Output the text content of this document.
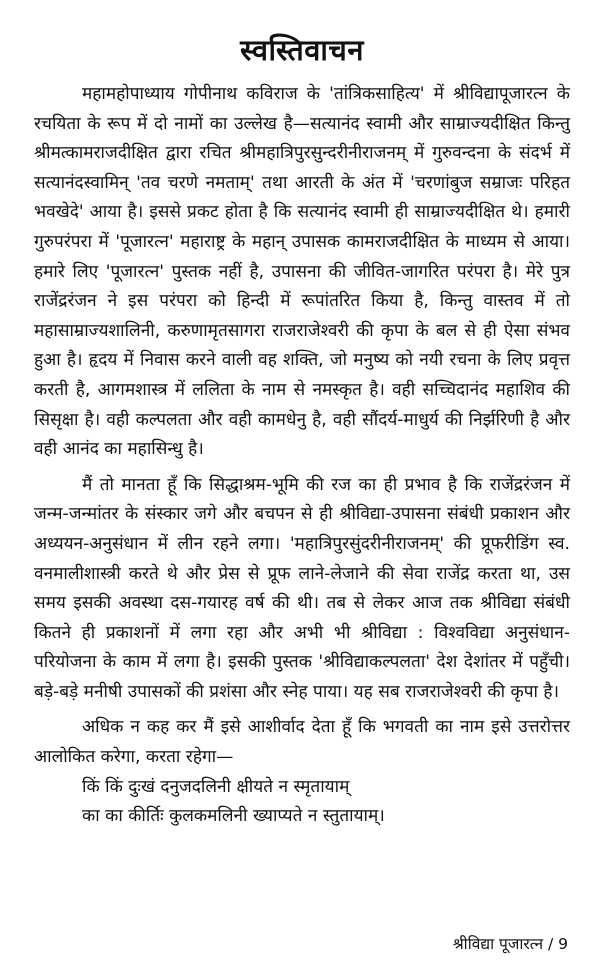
स्वस्तिवाचन

महामहोपाध्याय गोपीनाथ कविराज के 'तांत्रिकसाहित्य' में श्रीविद्यापूजारत्न के रचयिता के रूप में दो नामों का उल्लेख है—सत्यानंद स्वामी और साम्राज्यदीक्षित किन्तु श्रीमत्कामराजदीक्षित द्वारा रचित श्रीमहात्रिपुरसुन्दरीनीराजनम् में गुरुवन्दना के संदर्भ में सत्यानंदस्वामिन् 'तव चरणे नमताम्' तथा आरती के अंत में 'चरणांबुज सम्राजः परिहत भवखेदे' आया है। इससे प्रकट होता है कि सत्यानंद स्वामी ही साम्राज्यदीक्षित थे। हमारी गुरुपरंपरा में 'पूजारत्न' महाराष्ट्र के महान् उपासक कामराजदीक्षित के माध्यम से आया। हमारे लिए 'पूजारत्न' पुस्तक नहीं है, उपासना की जीवित-जागरित परंपरा है। मेरे पुत्र राजेंद्ररंजन ने इस परंपरा को हिन्दी में रूपांतरित किया है, किन्तु वास्तव में तो महासाम्राज्यशालिनी, करुणामृतसागरा राजराजेश्वरी की कृपा के बल से ही ऐसा संभव हुआ है। हृदय में निवास करने वाली वह शक्ति, जो मनुष्य को नयी रचना के लिए प्रवृत्त करती है, आगमशास्त्र में ललिता के नाम से नमस्कृत है। वही सच्चिदानंद महाशिव की सिसृक्षा है। वही कल्पलता और वही कामधेनु है, वही सौंदर्य-माधुर्य की निर्झरिणी है और वही आनंद का महासिन्धु है।

मैं तो मानता हूँ कि सिद्धाश्रम-भूमि की रज का ही प्रभाव है कि राजेंद्ररंजन में जन्म-जन्मांतर के संस्कार जगे और बचपन से ही श्रीविद्या-उपासना संबंधी प्रकाशन और अध्ययन-अनुसंधान में लीन रहने लगा। 'महात्रिपुरसुंदरीनीराजनम्' की प्रूफरीडिंग स्व. वनमालीशास्त्री करते थे और प्रेस से प्रूफ लाने-लेजाने की सेवा राजेंद्र करता था, उस समय इसकी अवस्था दस-गयारह वर्ष की थी। तब से लेकर आज तक श्रीविद्या संबंधी कितने ही प्रकाशनों में लगा रहा और अभी भी श्रीविद्या : विश्वविद्या अनुसंधान-परियोजना के काम में लगा है। इसकी पुस्तक 'श्रीविद्याकल्पलता' देश देशांतर में पहुँची। बड़े-बड़े मनीषी उपासकों की प्रशंसा और स्नेह पाया। यह सब राजराजेश्वरी की कृपा है।

अधिक न कह कर मैं इसे आशीर्वाद देता हूँ कि भगवती का नाम इसे उत्तरोत्तर आलोकित करेगा, करता रहेगा—

किं किं दुःखं दनुजदलिनी क्षीयते न स्मृतायाम्
का का कीर्तिः कुलकमलिनी ख्याप्यते न स्तुतायाम्।
श्रीविद्या पूजारत्न / 9
